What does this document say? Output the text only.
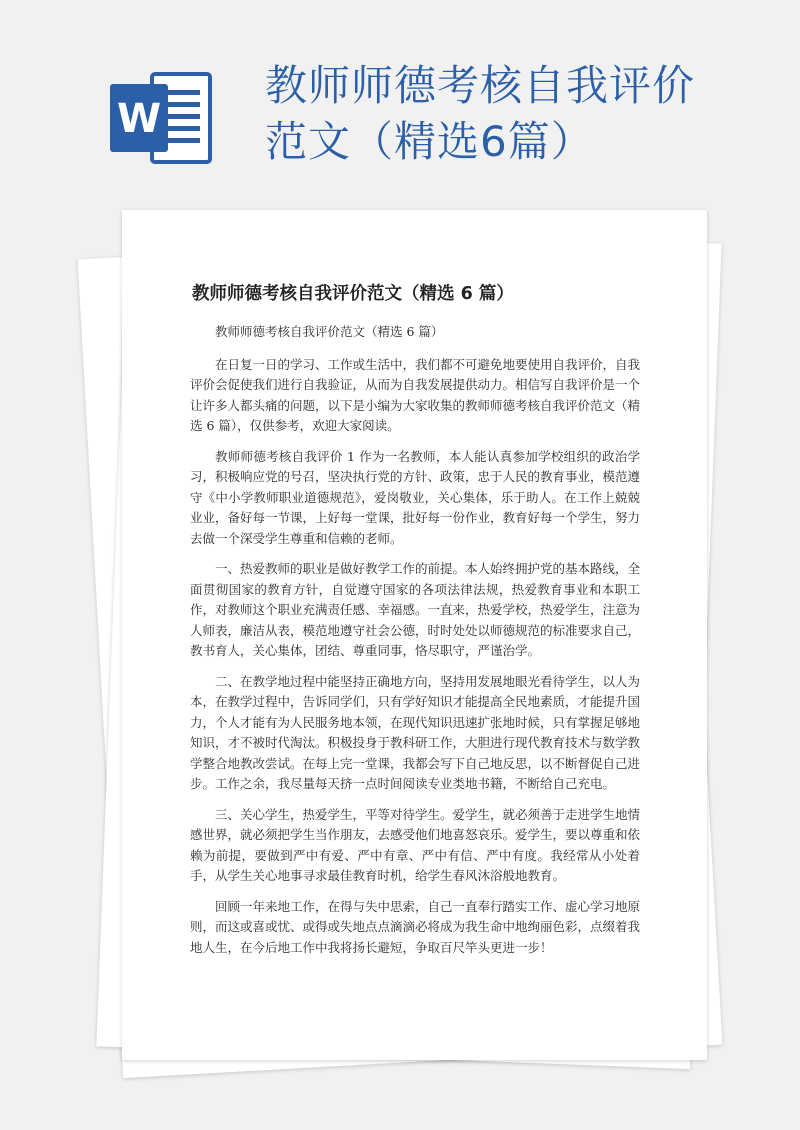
W
教师师德考核自我评价
范文（精选6篇）
教师师德考核自我评价范文（精选 6 篇）

教师师德考核自我评价范文（精选 6 篇）

在日复一日的学习、工作或生活中，我们都不可避免地要使用自我评价，自我评价会促使我们进行自我验证，从而为自我发展提供动力。相信写自我评价是一个让许多人都头痛的问题，以下是小编为大家收集的教师师德考核自我评价范文（精选 6 篇），仅供参考，欢迎大家阅读。

教师师德考核自我评价 1 作为一名教师，本人能认真参加学校组织的政治学习，积极响应党的号召，坚决执行党的方针、政策，忠于人民的教育事业，模范遵守《中小学教师职业道德规范》，爱岗敬业，关心集体，乐于助人。在工作上兢兢业业，备好每一节课，上好每一堂课，批好每一份作业，教育好每一个学生，努力去做一个深受学生尊重和信赖的老师。

一、热爱教师的职业是做好教学工作的前提。本人始终拥护党的基本路线，全面贯彻国家的教育方针，自觉遵守国家的各项法律法规，热爱教育事业和本职工作，对教师这个职业充满责任感、幸福感。一直来，热爱学校，热爱学生，注意为人师表，廉洁从表，模范地遵守社会公德，时时处处以师德规范的标准要求自己，教书育人，关心集体，团结、尊重同事，恪尽职守，严谨治学。

二、在教学地过程中能坚持正确地方向，坚持用发展地眼光看待学生，以人为本，在教学过程中，告诉同学们，只有学好知识才能提高全民地素质，才能提升国力，个人才能有为人民服务地本领，在现代知识迅速扩张地时候，只有掌握足够地知识，才不被时代淘汰。积极投身于教科研工作，大胆进行现代教育技术与数学教学整合地教改尝试。在每上完一堂课，我都会写下自己地反思，以不断督促自己进步。工作之余，我尽量每天挤一点时间阅读专业类地书籍，不断给自己充电。

三、关心学生，热爱学生，平等对待学生。爱学生，就必须善于走进学生地情感世界，就必须把学生当作朋友，去感受他们地喜怒哀乐。爱学生，要以尊重和依赖为前提，要做到严中有爱、严中有章、严中有信、严中有度。我经常从小处着手，从学生关心地事寻求最佳教育时机，给学生春风沐浴般地教育。

回顾一年来地工作，在得与失中思索，自己一直奉行踏实工作、虚心学习地原则，而这或喜或忧、或得或失地点点滴滴必将成为我生命中地绚丽色彩，点缀着我地人生，在今后地工作中我将扬长避短，争取百尺竿头更进一步！
